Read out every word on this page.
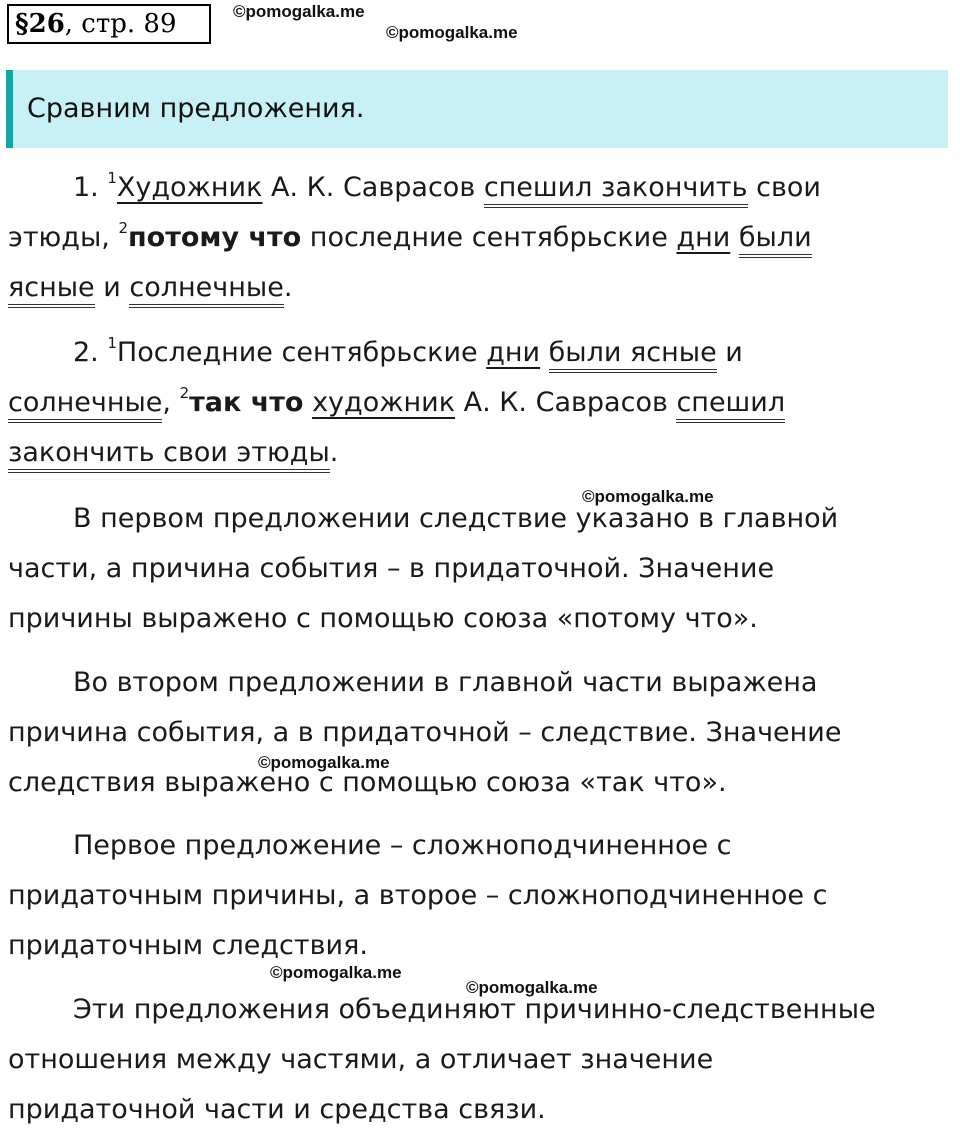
§26, стр. 89	©pomogalka.me
©pomogalka.me
©pomogalka.me
©pomogalka.me
©pomogalka.me
©pomogalka.me
Сравним предложения.
1. $^1$Художник А. К. Саврасов спешил закончить свои
этюды, $^2$потому что последние сентябрьские дни были
ясные и солнечные.
2. $^1$Последние сентябрьские дни были ясные и
солнечные, $^2$так что художник А. К. Саврасов спешил
закончить свои этюды.
В первом предложении следствие указано в главной
части, а причина события – в придаточной. Значение
причины выражено с помощью союза «потому что».
Во втором предложении в главной части выражена
причина события, а в придаточной – следствие. Значение
следствия выражено с помощью союза «так что».
Первое предложение – сложноподчиненное с
придаточным причины, а второе – сложноподчиненное с
придаточным следствия.
Эти предложения объединяют причинно-следственные
отношения между частями, а отличает значение
придаточной части и средства связи.
